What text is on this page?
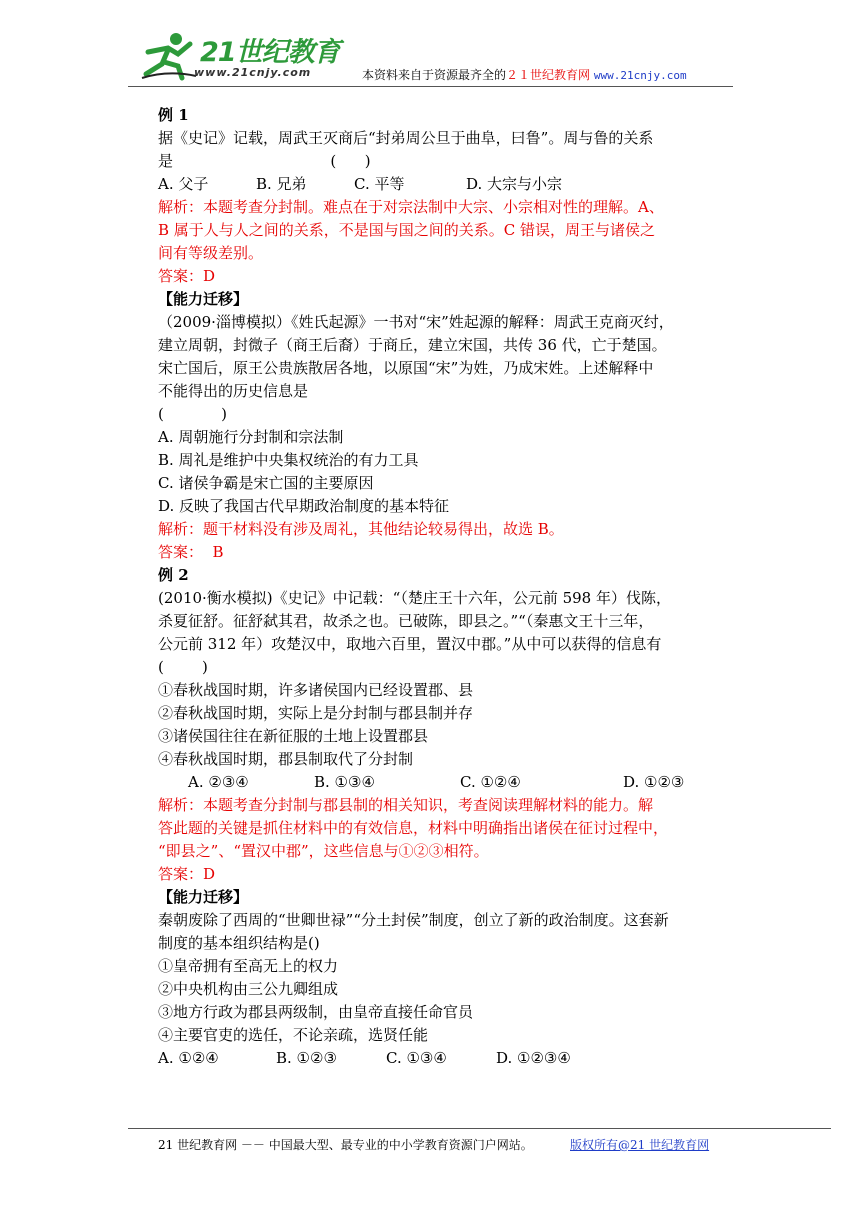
21世纪教育
www.21cnjy.com	本资料来自于资源最齐全的２１世纪教育网 www.21cnjy.com
例 1
据《史记》记载，周武王灭商后“封弟周公旦于曲阜，曰鲁”。周与鲁的关系
是                                 (      )
A. 父子	B. 兄弟	C. 平等	D. 大宗与小宗
解析：本题考查分封制。难点在于对宗法制中大宗、小宗相对性的理解。A、
B 属于人与人之间的关系，不是国与国之间的关系。C 错误，周王与诸侯之
间有等级差别。
答案：D
【能力迁移】
（2009·淄博模拟）《姓氏起源》一书对“宋”姓起源的解释：周武王克商灭纣，
建立周朝，封微子（商王后裔）于商丘，建立宋国，共传 36 代，亡于楚国。
宋亡国后，原王公贵族散居各地，以原国“宋”为姓，乃成宋姓。上述解释中
不能得出的历史信息是
(            )
A. 周朝施行分封制和宗法制
B. 周礼是维护中央集权统治的有力工具
C. 诸侯争霸是宋亡国的主要原因
D. 反映了我国古代早期政治制度的基本特征
解析：题干材料没有涉及周礼，其他结论较易得出，故选 B。
答案：  B
例 2
(2010·衡水模拟)《史记》中记载：“（楚庄王十六年，公元前 598 年）伐陈，
杀夏征舒。征舒弑其君，故杀之也。已破陈，即县之。”“（秦惠文王十三年，
公元前 312 年）攻楚汉中，取地六百里，置汉中郡。”从中可以获得的信息有
(        )
①春秋战国时期，许多诸侯国内已经设置郡、县
②春秋战国时期，实际上是分封制与郡县制并存
③诸侯国往往在新征服的土地上设置郡县
④春秋战国时期，郡县制取代了分封制
A. ②③④	B. ①③④	C. ①②④	D. ①②③
解析：本题考查分封制与郡县制的相关知识，考查阅读理解材料的能力。解
答此题的关键是抓住材料中的有效信息，材料中明确指出诸侯在征讨过程中，
“即县之”、“置汉中郡”，这些信息与①②③相符。
答案：D
【能力迁移】
秦朝废除了西周的“世卿世禄”“分土封侯”制度，创立了新的政治制度。这套新
制度的基本组织结构是()
①皇帝拥有至高无上的权力
②中央机构由三公九卿组成
③地方行政为郡县两级制，由皇帝直接任命官员
④主要官吏的选任，不论亲疏，选贤任能
A. ①②④	B. ①②③	C. ①③④	D. ①②③④
21 世纪教育网 －－ 中国最大型、最专业的中小学教育资源门户网站。	版权所有@21 世纪教育网
